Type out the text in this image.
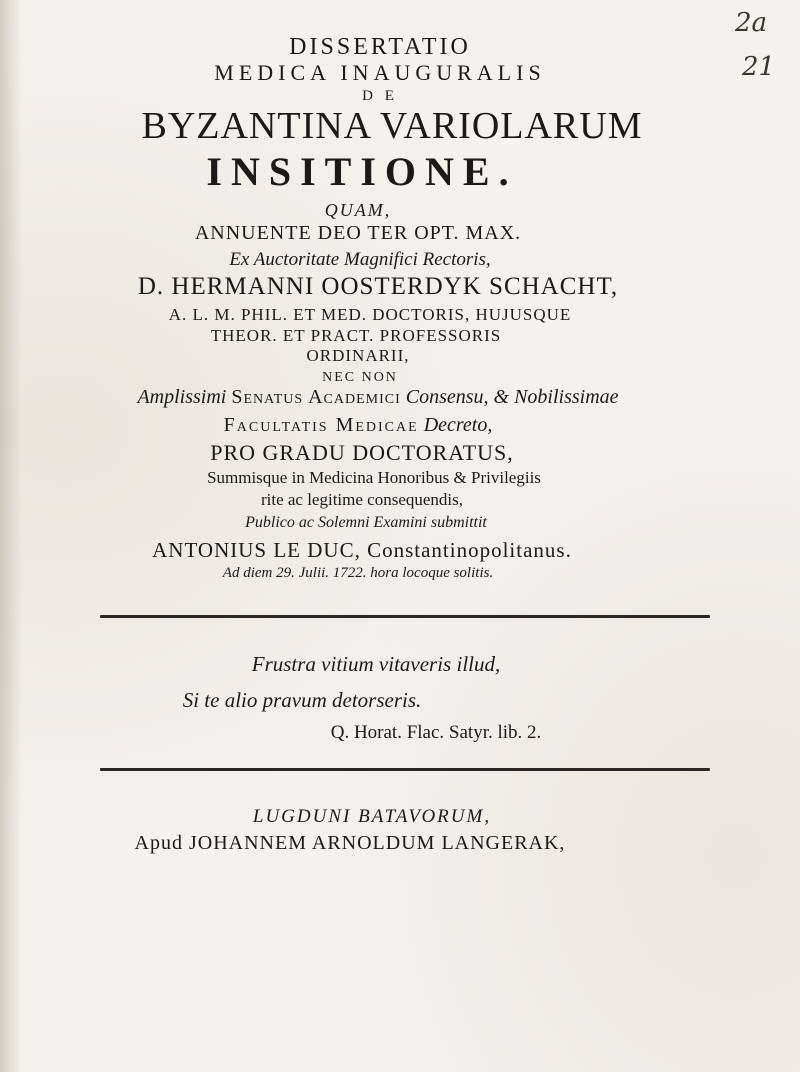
2a
21
DISSERTATIO
MEDICA INAUGURALIS
D E
BYZANTINA VARIOLARUM
INSITIONE.
QUAM,
ANNUENTE DEO TER OPT. MAX.
Ex Auctoritate Magnifici Rectoris,
D. HERMANNI OOSTERDYK SCHACHT,
A. L. M. PHIL. ET MED. DOCTORIS, HUJUSQUE
THEOR. ET PRACT. PROFESSORIS
ORDINARII,
NEC NON
Amplissimi Senatus Academici Consensu, & Nobilissimae
Facultatis Medicae Decreto,
PRO GRADU DOCTORATUS,
Summisque in Medicina Honoribus & Privilegiis
rite ac legitime consequendis,
Publico ac Solemni Examini submittit
ANTONIUS LE DUC, Constantinopolitanus.
Ad diem 29. Julii. 1722. hora locoque solitis.
Frustra vitium vitaveris illud,
Si te alio pravum detorseris.
Q. Horat. Flac. Satyr. lib. 2.
LUGDUNI BATAVORUM,
Apud JOHANNEM ARNOLDUM LANGERAK,
